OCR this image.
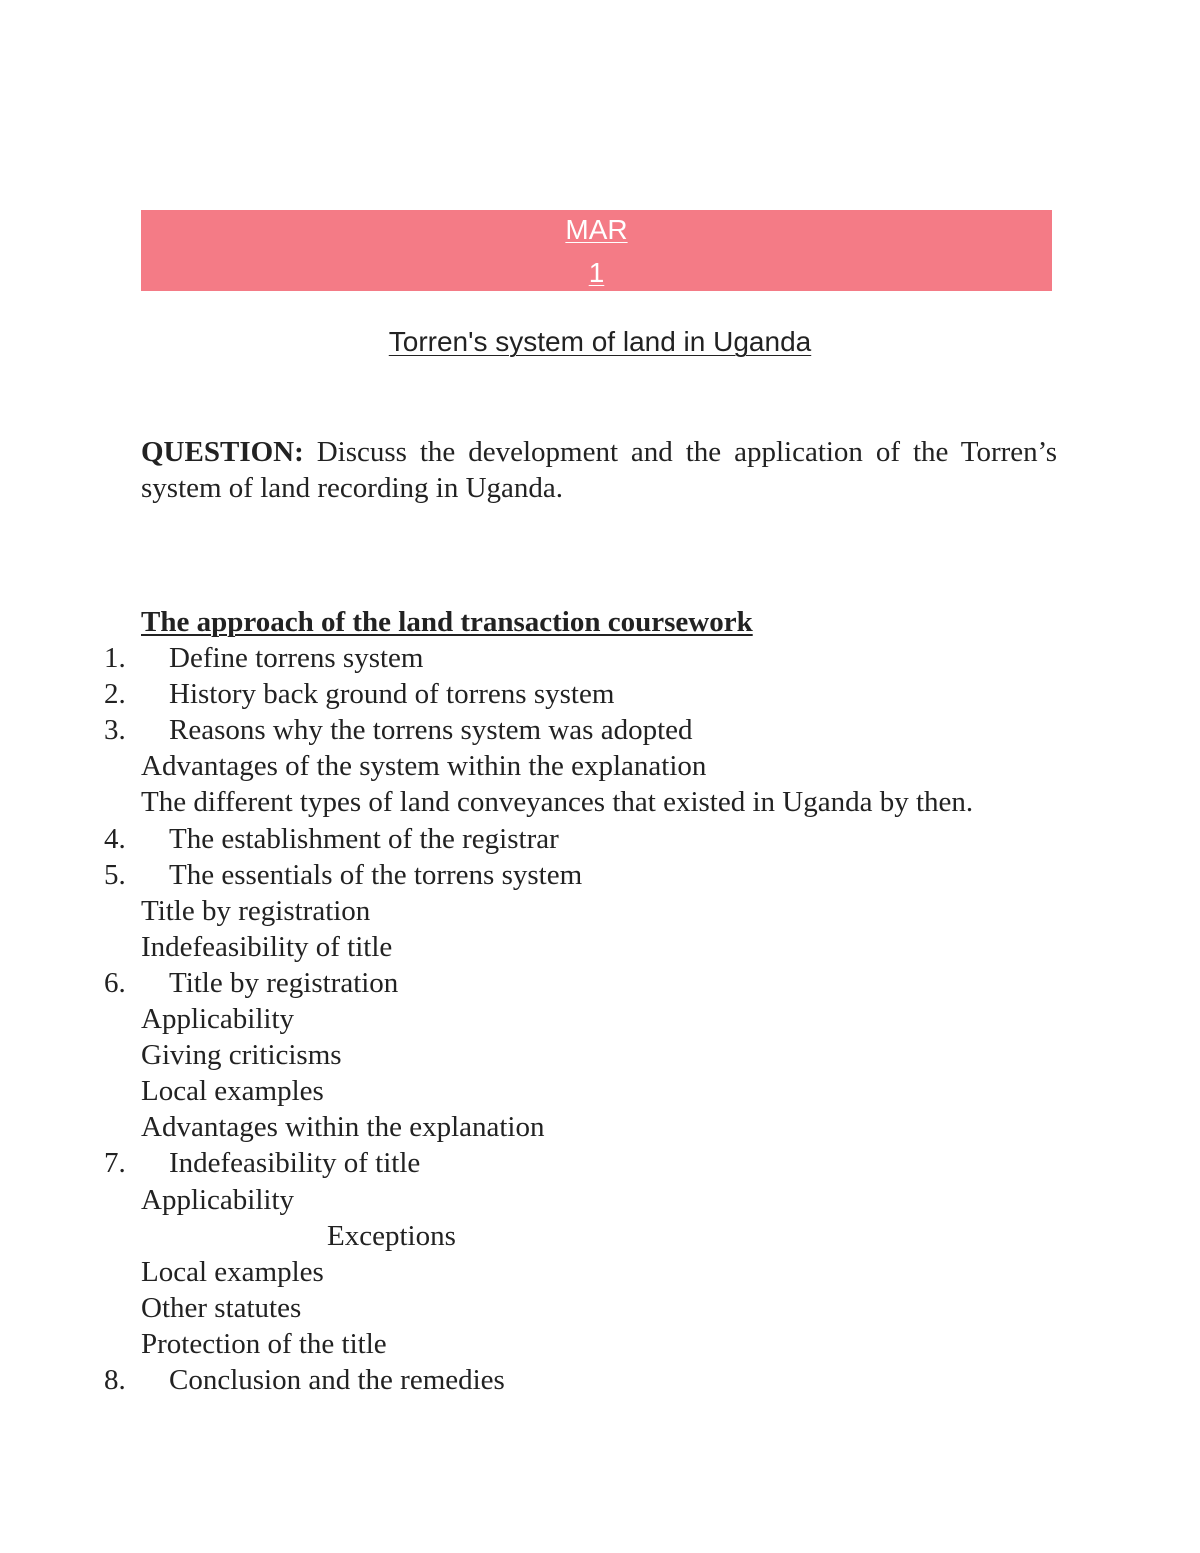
MAR
1
Torren's system of land in Uganda
QUESTION: Discuss the development and the application of the Torren’s system of land recording in Uganda.
The approach of the land transaction coursework
1. Define torrens system
2. History back ground of torrens system
3. Reasons why the torrens system was adopted
Advantages of the system within the explanation
The different types of land conveyances that existed in Uganda by then.
4. The establishment of the registrar
5. The essentials of the torrens system
Title by registration
Indefeasibility of title
6. Title by registration
Applicability
Giving criticisms
Local examples
Advantages within the explanation
7. Indefeasibility of title
Applicability
Exceptions
Local examples
Other statutes
Protection of the title
8. Conclusion and the remedies
